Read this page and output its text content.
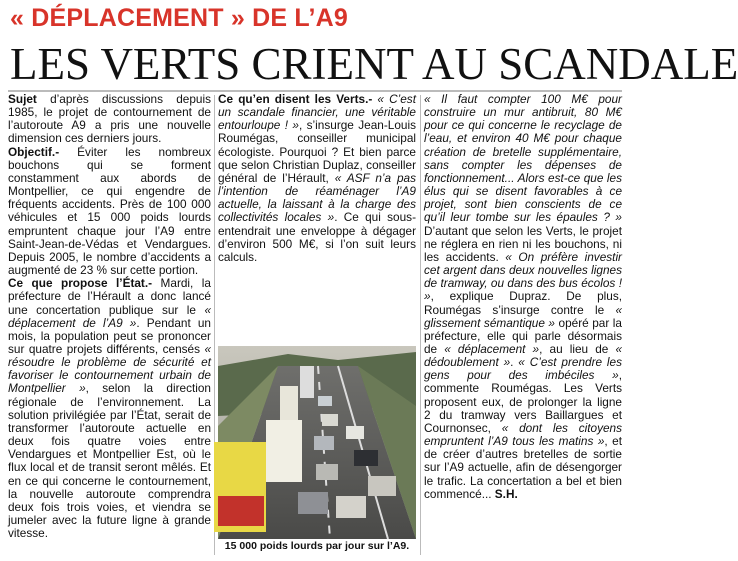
« DÉPLACEMENT » DE L’A9
LES VERTS CRIENT AU SCANDALE

Sujet d’après discussions depuis 1985, le projet de contournement de l’autoroute A9 a pris une nouvelle dimension ces derniers jours.

Objectif.- Éviter les nombreux bouchons qui se forment constamment aux abords de Montpellier, ce qui engendre de fréquents accidents. Près de 100 000 véhicules et 15 000 poids lourds empruntent chaque jour l’A9 entre Saint-Jean-de-Védas et Vendargues. Depuis 2005, le nombre d’accidents a augmenté de 23 % sur cette portion.

Ce que propose l’État.- Mardi, la préfecture de l’Hérault a donc lancé une concertation publique sur le « déplacement de l’A9 ». Pendant un mois, la population peut se prononcer sur quatre projets différents, censés « résoudre le problème de sécurité et favoriser le contournement urbain de Montpellier », selon la direction régionale de l’environnement. La solution privilégiée par l’État, serait de transformer l’autoroute actuelle en deux fois quatre voies entre Vendargues et Montpellier Est, où le flux local et de transit seront mêlés. Et en ce qui concerne le contournement, la nouvelle autoroute comprendra deux fois trois voies, et viendra se jumeler avec la future ligne à grande vitesse.

Ce qu’en disent les Verts.- « C’est un scandale financier, une véritable entourloupe ! », s’insurge Jean-Louis Roumégas, conseiller municipal écologiste. Pourquoi ? Et bien parce que selon Christian Duplaz, conseiller général de l’Hérault, « ASF n’a pas l’intention de réaménager l’A9 actuelle, la laissant à la charge des collectivités locales ». Ce qui sous-entendrait une enveloppe à dégager d’environ 500 M€, si l’on suit leurs calculs.

15 000 poids lourds par jour sur l’A9.

« Il faut compter 100 M€ pour construire un mur antibruit, 80 M€ pour ce qui concerne le recyclage de l’eau, et environ 40 M€ pour chaque création de bretelle supplémentaire, sans compter les dépenses de fonctionnement... Alors est-ce que les élus qui se disent favorables à ce projet, sont bien conscients de ce qu’il leur tombe sur les épaules ? » D’autant que selon les Verts, le projet ne réglera en rien ni les bouchons, ni les accidents. « On préfère investir cet argent dans deux nouvelles lignes de tramway, ou dans des bus écolos ! », explique Dupraz. De plus, Roumégas s’insurge contre le « glissement sémantique » opéré par la préfecture, elle qui parle désormais de « déplacement », au lieu de « dédoublement ». « C’est prendre les gens pour des imbéciles », commente Roumégas. Les Verts proposent eux, de prolonger la ligne 2 du tramway vers Baillargues et Cournonsec, « dont les citoyens empruntent l’A9 tous les matins », et de créer d’autres bretelles de sortie sur l’A9 actuelle, afin de désengorger le trafic. La concertation a bel et bien commencé... S.H.
